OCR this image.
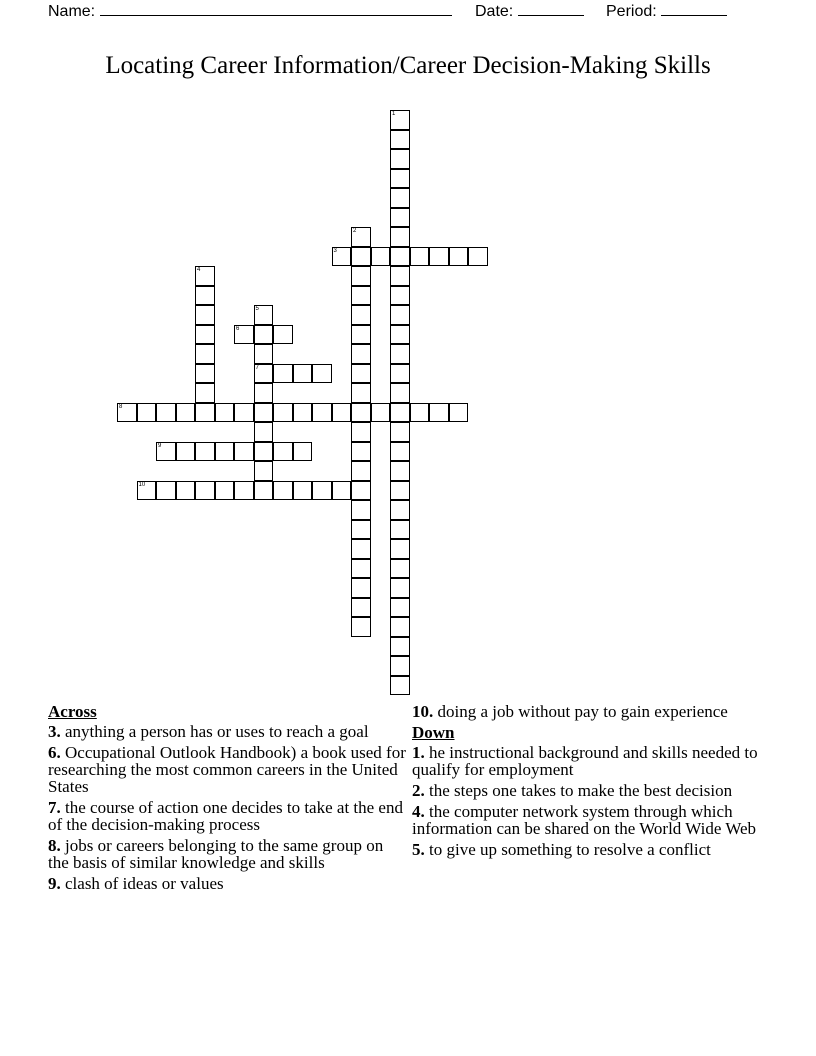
Name:	Date:	Period:
Locating Career Information/Career Decision-Making Skills
1
2
3
4
5
7
6
8
9
10
Across
3. anything a person has or uses to reach a goal
6. Occupational Outlook Handbook) a book used for researching the most common careers in the United States
7. the course of action one decides to take at the end of the decision-making process
8. jobs or careers belonging to the same group on the basis of similar knowledge and skills
9. clash of ideas or values
10. doing a job without pay to gain experience
Down
1. he instructional background and skills needed to qualify for employment
2. the steps one takes to make the best decision
4. the computer network system through which information can be shared on the World Wide Web
5. to give up something to resolve a conflict
